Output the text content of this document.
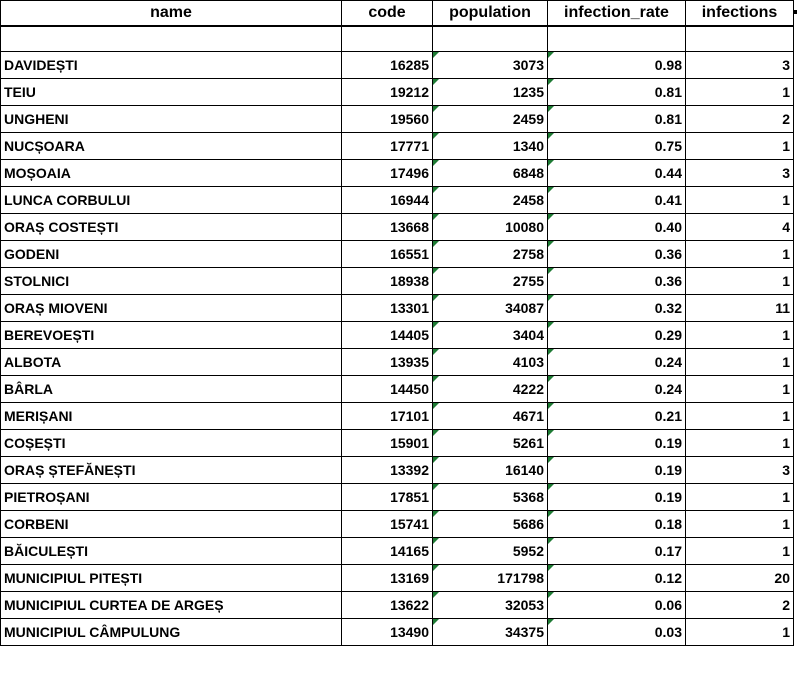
name	code	population	infection_rate	infections

DAVIDEȘTI	16285	3073	0.98	3
TEIU	19212	1235	0.81	1
UNGHENI	19560	2459	0.81	2
NUCȘOARA	17771	1340	0.75	1
MOȘOAIA	17496	6848	0.44	3
LUNCA CORBULUI	16944	2458	0.41	1
ORAȘ COSTEȘTI	13668	10080	0.40	4
GODENI	16551	2758	0.36	1
STOLNICI	18938	2755	0.36	1
ORAȘ MIOVENI	13301	34087	0.32	11
BEREVOEȘTI	14405	3404	0.29	1
ALBOTA	13935	4103	0.24	1
BÂRLA	14450	4222	0.24	1
MERIȘANI	17101	4671	0.21	1
COȘEȘTI	15901	5261	0.19	1
ORAȘ ȘTEFĂNEȘTI	13392	16140	0.19	3
PIETROȘANI	17851	5368	0.19	1
CORBENI	15741	5686	0.18	1
BĂICULEȘTI	14165	5952	0.17	1
MUNICIPIUL PITEȘTI	13169	171798	0.12	20
MUNICIPIUL CURTEA DE ARGEȘ	13622	32053	0.06	2
MUNICIPIUL CÂMPULUNG	13490	34375	0.03	1
